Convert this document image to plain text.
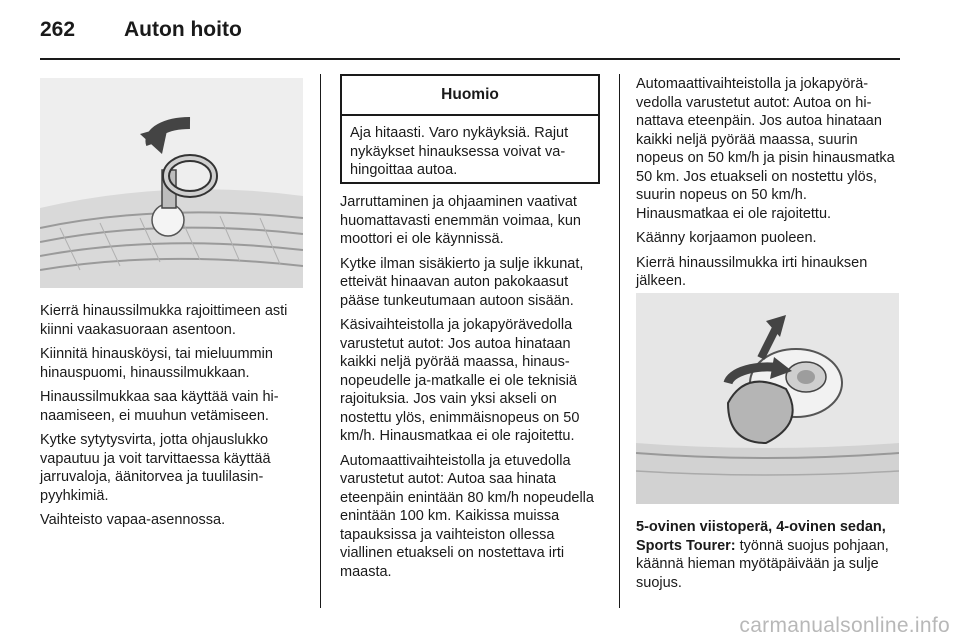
262 Auton hoito
Huomio
Aja hitaasti. Varo nykäyksiä. Rajut nykäykset hinauksessa voivat vahingoittaa autoa.

Kierrä hinaussilmukka rajoittimeen asti kiinni vaakasuoraan asentoon.

Kiinnitä hinausköysi, tai mieluummin hinauspuomi, hinaussilmukkaan.

Hinaussilmukkaa saa käyttää vain hinaamiseen, ei muuhun vetämiseen.

Kytke sytytysvirta, jotta ohjauslukko vapautuu ja voit tarvittaessa käyttää jarruvaloja, äänitorvea ja tuulilasinpyyhkimiä.

Vaihteisto vapaa-asennossa.

Jarruttaminen ja ohjaaminen vaativat huomattavasti enemmän voimaa, kun moottori ei ole käynnissä.

Kytke ilman sisäkierto ja sulje ikkunat, etteivät hinaavan auton pakokaasut pääse tunkeutumaan autoon sisään.

Käsivaihteistolla ja jokapyörävedolla varustetut autot: Jos autoa hinataan kaikki neljä pyörää maassa, hinausnopeudelle ja-matkalle ei ole teknisiä rajoituksia. Jos vain yksi akseli on nostettu ylös, enimmäisnopeus on 50 km/h. Hinausmatkaa ei ole rajoitettu.

Automaattivaihteistolla ja etuvedolla varustetut autot: Autoa saa hinata eteenpäin enintään 80 km/h nopeudella enintään 100 km. Kaikissa muissa tapauksissa ja vaihteiston ollessa viallinen etuakseli on nostettava irti maasta.

Automaattivaihteistolla ja jokapyörävedolla varustetut autot: Autoa on hinattava eteenpäin. Jos autoa hinataan kaikki neljä pyörää maassa, suurin nopeus on 50 km/h ja pisin hinausmatka 50 km. Jos etuakseli on nostettu ylös, suurin nopeus on 50 km/h. Hinausmatkaa ei ole rajoitettu.

Käänny korjaamon puoleen.

Kierrä hinaussilmukka irti hinauksen jälkeen.

5-ovinen viistoperä, 4-ovinen sedan, Sports Tourer: työnnä suojus pohjaan, käännä hieman myötäpäivään ja sulje suojus.

carmanualsonline.info
